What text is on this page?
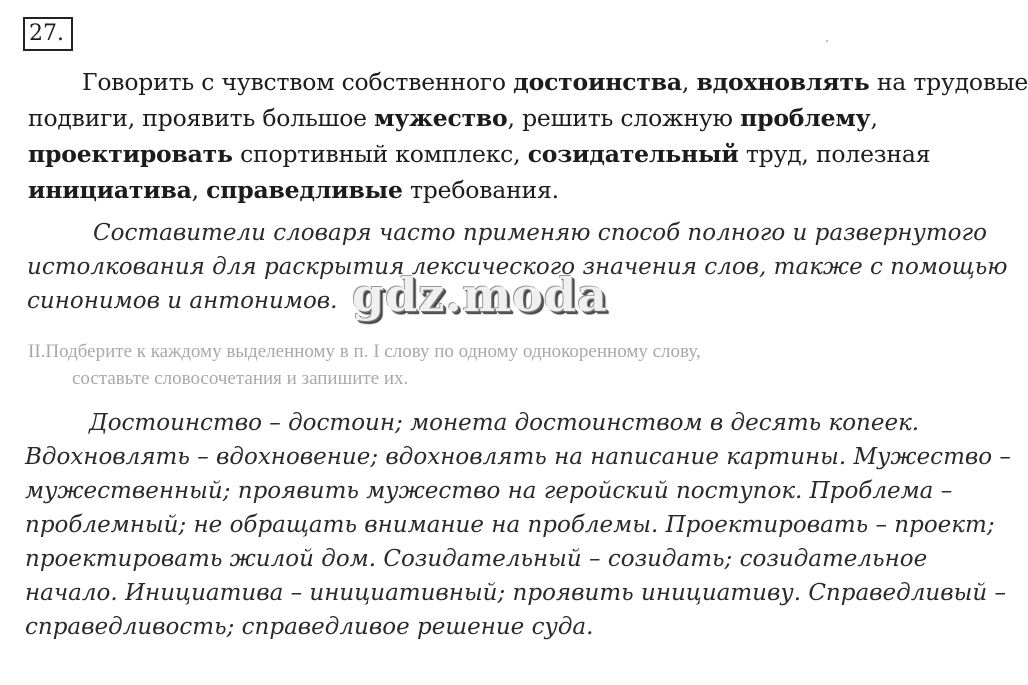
27.
Говорить с чувством собственного достоинства, вдохновлять на трудовые
подвиги, проявить большое мужество, решить сложную проблему,
проектировать спортивный комплекс, созидательный труд, полезная
инициатива, справедливые требования.
Составители словаря часто применяю способ полного и развернутого
истолкования для раскрытия лексического значения слов, также с помощью
синонимов и антонимов. gdz.moda
II.Подберите к каждому выделенному в п. I слову по одному однокоренному слову,
составьте словосочетания и запишите их.
Достоинство – достоин; монета достоинством в десять копеек.
Вдохновлять – вдохновение; вдохновлять на написание картины. Мужество –
мужественный; проявить мужество на геройский поступок. Проблема –
проблемный; не обращать внимание на проблемы. Проектировать – проект;
проектировать жилой дом. Созидательный – созидать; созидательное
начало. Инициатива – инициативный; проявить инициативу. Справедливый –
справедливость; справедливое решение суда.
